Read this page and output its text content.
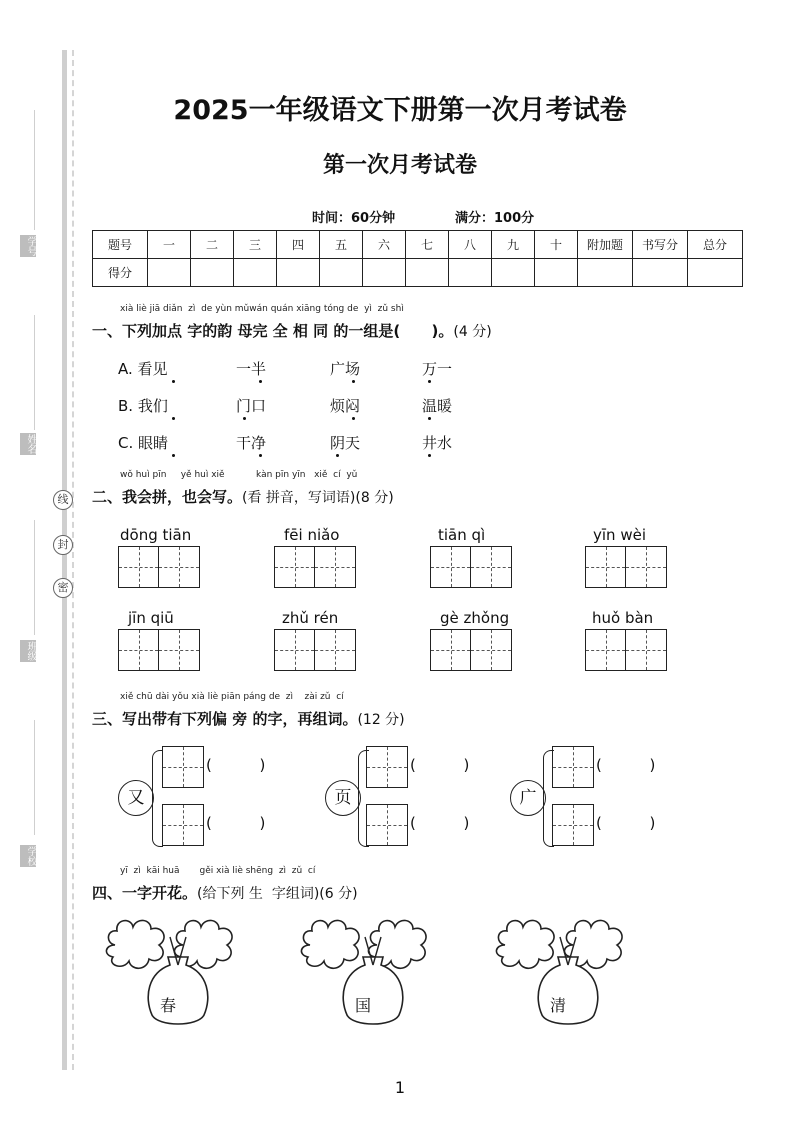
学号
姓名
班级
学校
线
封
密
2025一年级语文下册第一次月考试卷
第一次月考试卷
时间：60分钟	满分：100分
题号	一	二	三	四	五	六	七	八	九	十	附加题	书写分	总分
得分													
xià liè jiā diǎn  zì  de yùn mǔwán quán xiāng tóng de  yì  zǔ shì
一、下列加点 字的韵 母完 全 相 同 的一组是(      )。(4 分)
A. 看见	一半	广场	万一
B. 我们	门口	烦闷	温暖
C. 眼睛	干净	阴天	井水
wǒ huì pīn     yě huì xiě           kàn pīn yīn   xiě  cí  yǔ
二、我会拼，也会写。(看 拼音，写词语)(8 分)
dōng tiān	fēi niǎo	tiān qì	yīn wèi
jīn qiū	zhǔ rén	gè zhǒng	huǒ bàn
xiě chū dài yǒu xià liè piān páng de  zì    zài zǔ  cí
三、写出带有下列偏 旁 的字，再组词。(12 分)
又
(          )
(          )
页
(          )
(          )
广
(          )
(          )
yī  zì  kāi huā       gěi xià liè shēng  zì  zǔ  cí
四、一字开花。(给下列 生  字组词)(6 分)
春	国	清
1
